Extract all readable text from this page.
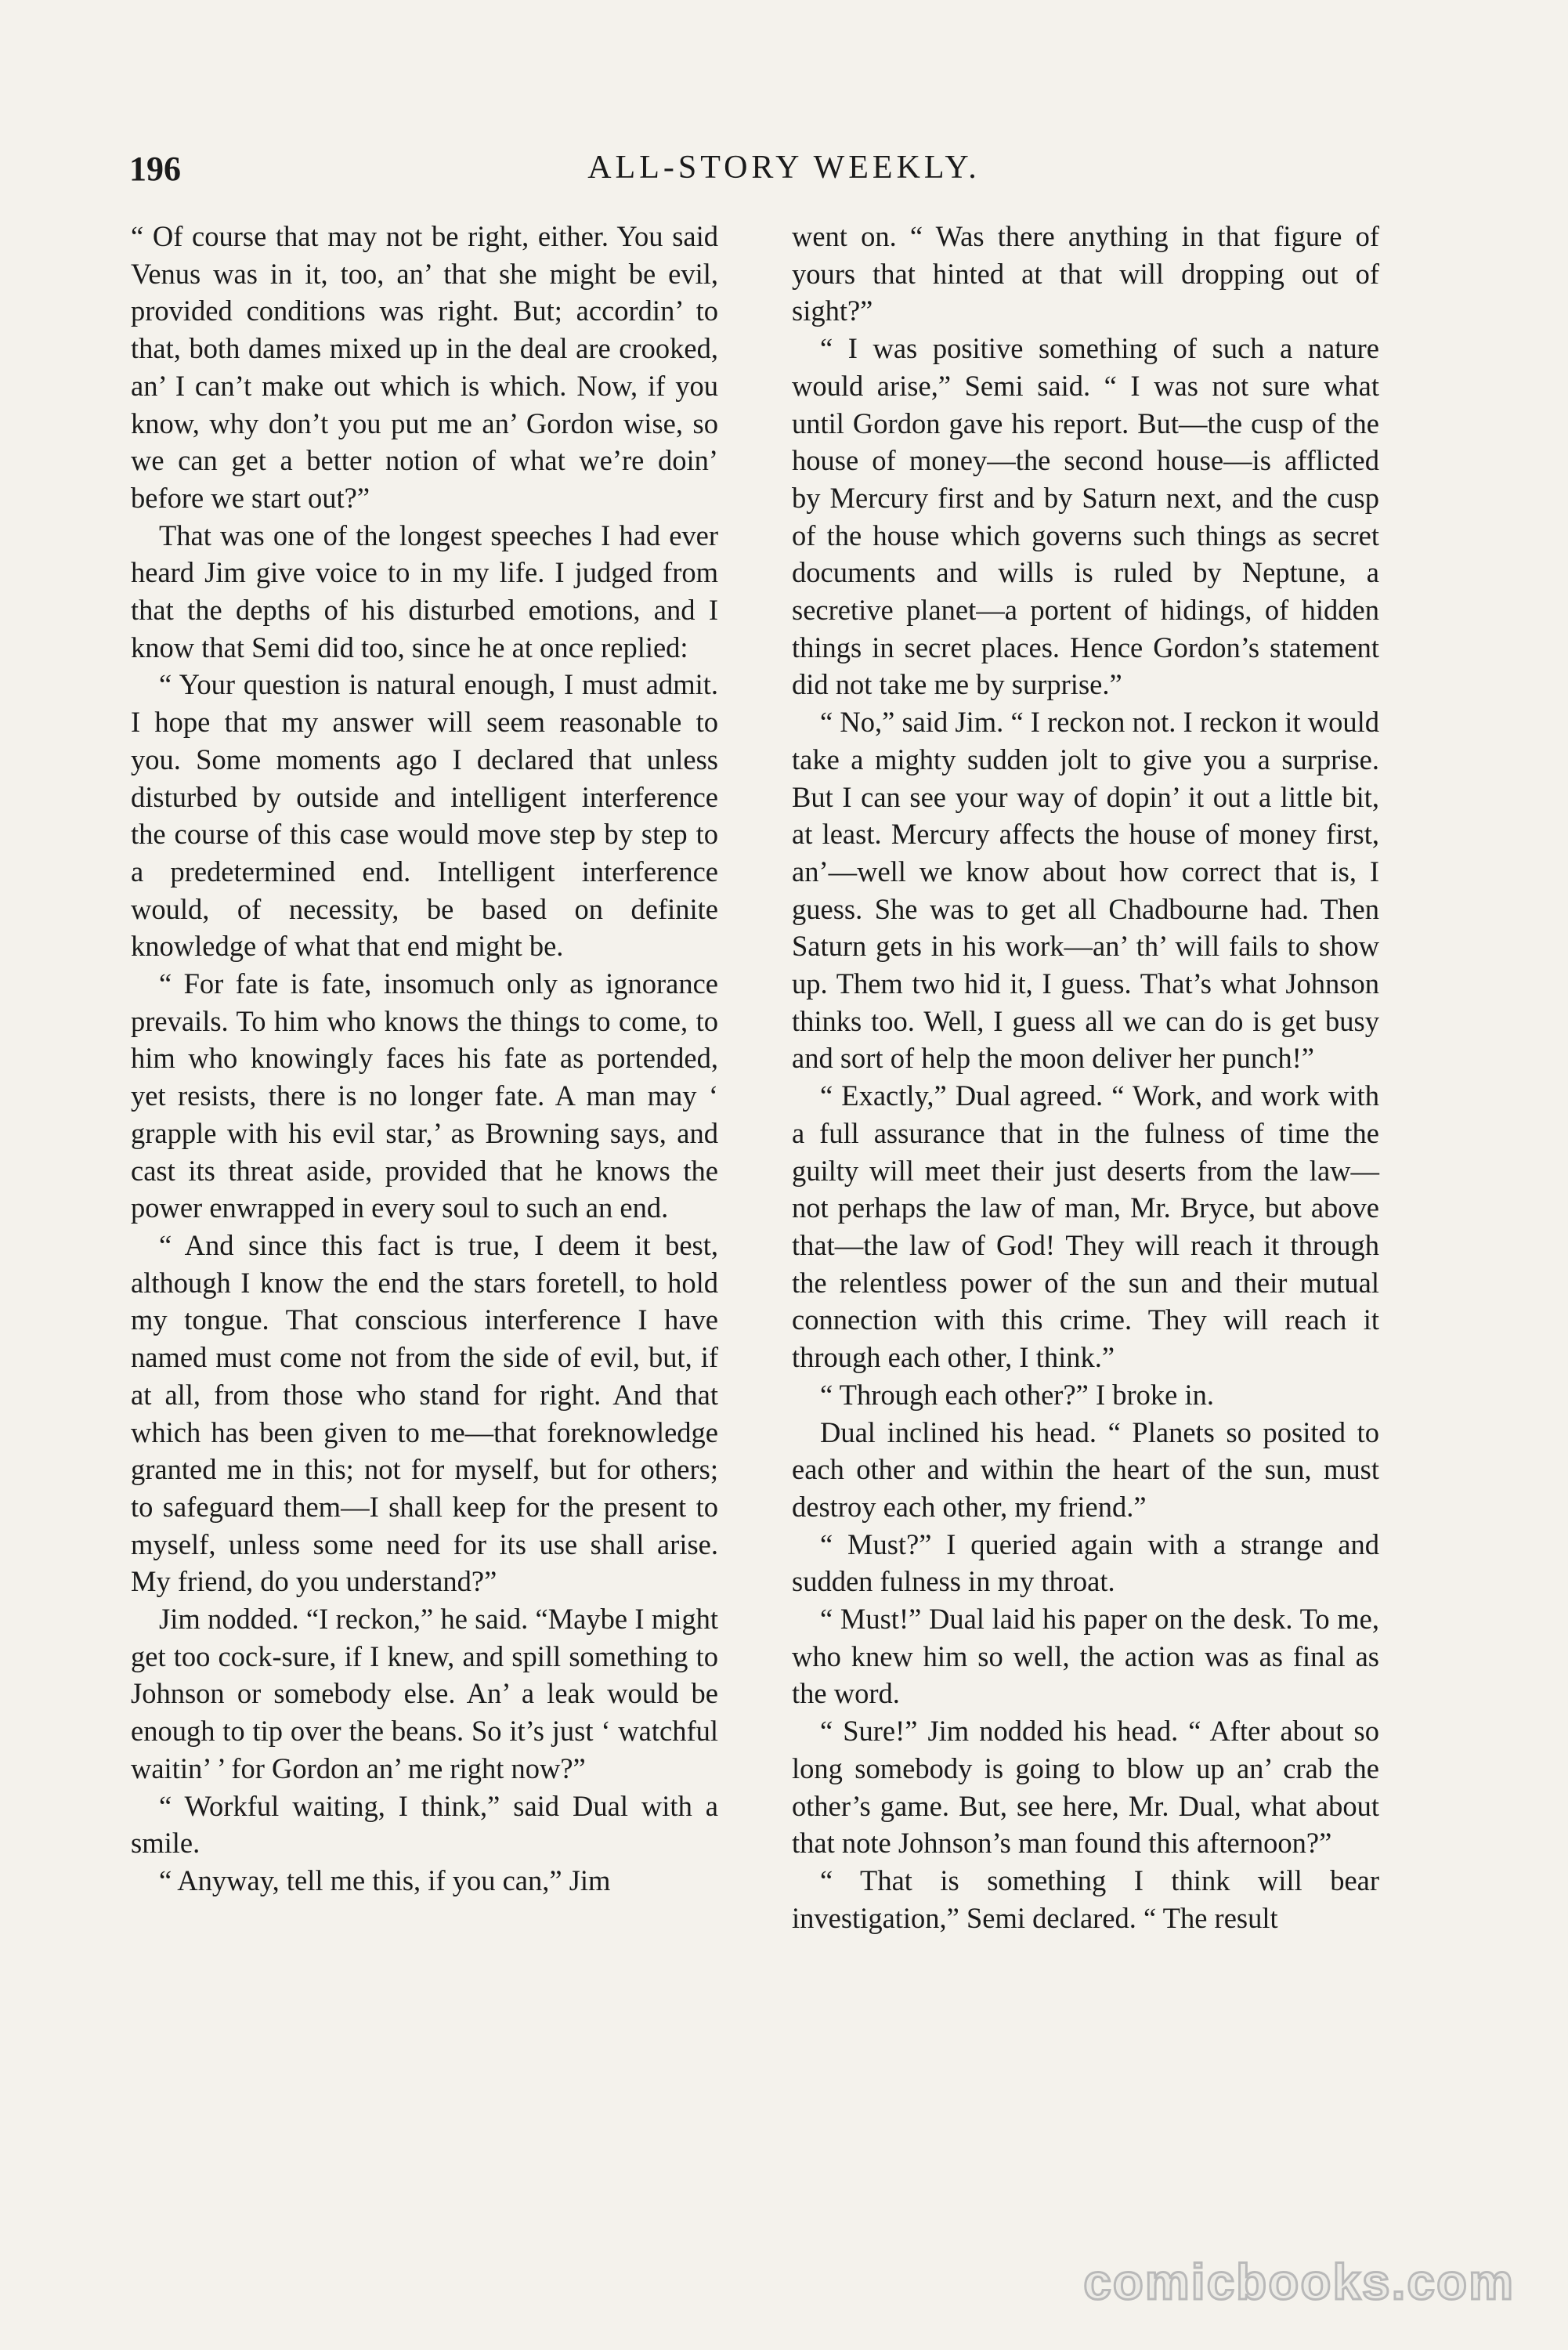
196	ALL-STORY WEEKLY.

“ Of course that may not be right, either. You said Venus was in it, too, an’ that she might be evil, provided conditions was right. But; accordin’ to that, both dames mixed up in the deal are crooked, an’ I can’t make out which is which. Now, if you know, why don’t you put me an’ Gordon wise, so we can get a better notion of what we’re doin’ before we start out?”

That was one of the longest speeches I had ever heard Jim give voice to in my life. I judged from that the depths of his disturbed emotions, and I know that Semi did too, since he at once replied:

“ Your question is natural enough, I must admit. I hope that my answer will seem reasonable to you. Some moments ago I declared that unless disturbed by outside and intelligent interference the course of this case would move step by step to a predetermined end. Intelligent interference would, of necessity, be based on definite knowledge of what that end might be.

“ For fate is fate, insomuch only as ignorance prevails. To him who knows the things to come, to him who knowingly faces his fate as portended, yet resists, there is no longer fate. A man may ‘ grapple with his evil star,’ as Browning says, and cast its threat aside, provided that he knows the power enwrapped in every soul to such an end.

“ And since this fact is true, I deem it best, although I know the end the stars foretell, to hold my tongue. That conscious interference I have named must come not from the side of evil, but, if at all, from those who stand for right. And that which has been given to me—that foreknowledge granted me in this; not for myself, but for others; to safeguard them—I shall keep for the present to myself, unless some need for its use shall arise. My friend, do you understand?”

Jim nodded. “I reckon,” he said. “Maybe I might get too cock-sure, if I knew, and spill something to Johnson or somebody else. An’ a leak would be enough to tip over the beans. So it’s just ‘ watchful waitin’ ’ for Gordon an’ me right now?”

“ Workful waiting, I think,” said Dual with a smile.

“ Anyway, tell me this, if you can,” Jim

went on. “ Was there anything in that figure of yours that hinted at that will dropping out of sight?”

“ I was positive something of such a nature would arise,” Semi said. “ I was not sure what until Gordon gave his report. But—the cusp of the house of money—the second house—is afflicted by Mercury first and by Saturn next, and the cusp of the house which governs such things as secret documents and wills is ruled by Neptune, a secretive planet—a portent of hidings, of hidden things in secret places. Hence Gordon’s statement did not take me by surprise.”

“ No,” said Jim. “ I reckon not. I reckon it would take a mighty sudden jolt to give you a surprise. But I can see your way of dopin’ it out a little bit, at least. Mercury affects the house of money first, an’—well we know about how correct that is, I guess. She was to get all Chadbourne had. Then Saturn gets in his work—an’ th’ will fails to show up. Them two hid it, I guess. That’s what Johnson thinks too. Well, I guess all we can do is get busy and sort of help the moon deliver her punch!”

“ Exactly,” Dual agreed. “ Work, and work with a full assurance that in the fulness of time the guilty will meet their just deserts from the law—not perhaps the law of man, Mr. Bryce, but above that—the law of God! They will reach it through the relentless power of the sun and their mutual connection with this crime. They will reach it through each other, I think.”

“ Through each other?” I broke in.

Dual inclined his head. “ Planets so posited to each other and within the heart of the sun, must destroy each other, my friend.”

“ Must?” I queried again with a strange and sudden fulness in my throat.

“ Must!” Dual laid his paper on the desk. To me, who knew him so well, the action was as final as the word.

“ Sure!” Jim nodded his head. “ After about so long somebody is going to blow up an’ crab the other’s game. But, see here, Mr. Dual, what about that note Johnson’s man found this afternoon?”

“ That is something I think will bear investigation,” Semi declared. “ The result

comicbooks.com
